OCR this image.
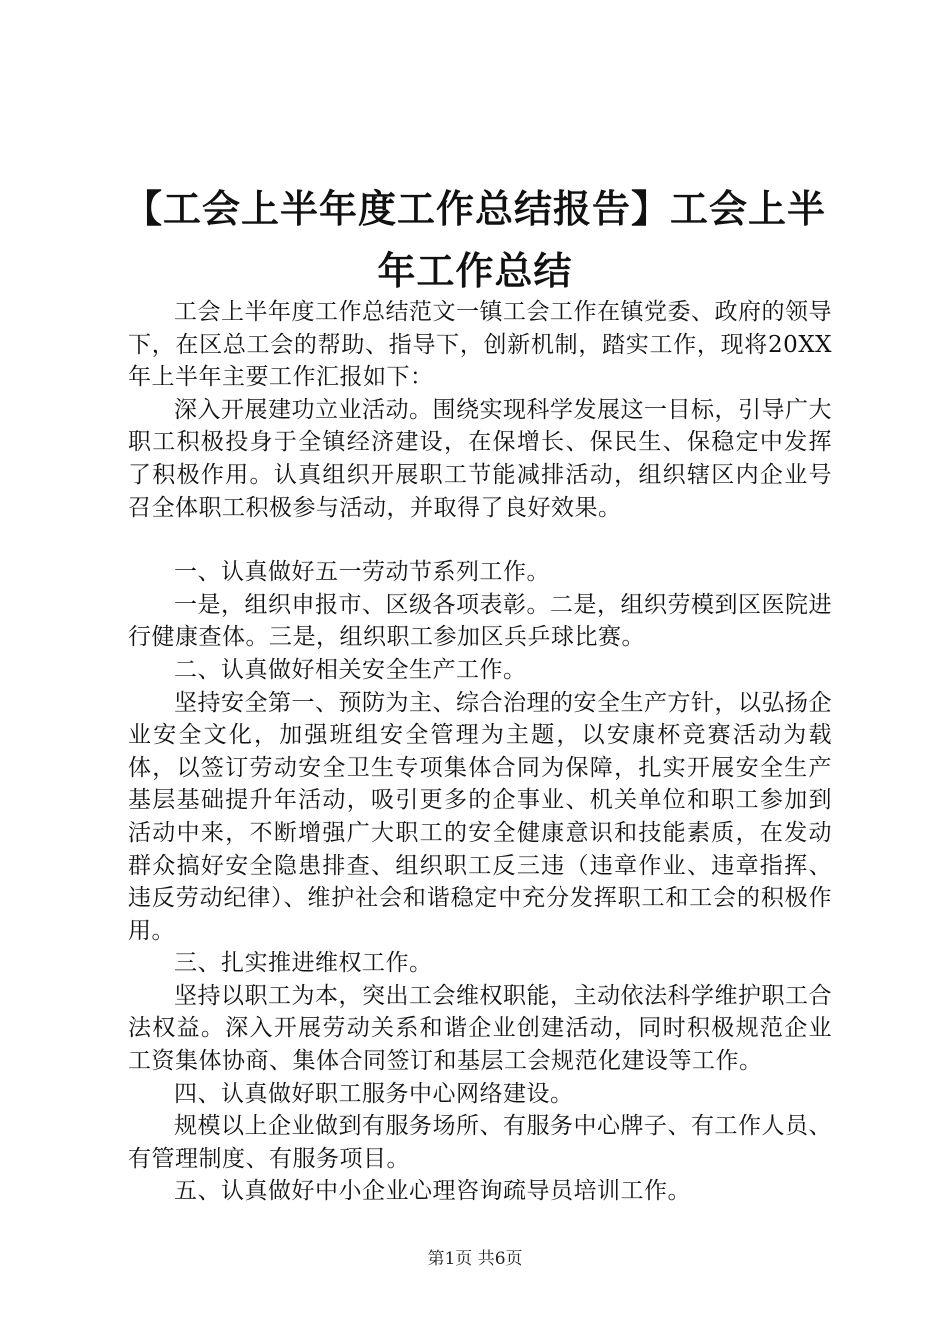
【工会上半年度工作总结报告】工会上半年工作总结

工会上半年度工作总结范文一镇工会工作在镇党委、政府的领导下，在区总工会的帮助、指导下，创新机制，踏实工作，现将20XX年上半年主要工作汇报如下：

深入开展建功立业活动。围绕实现科学发展这一目标，引导广大职工积极投身于全镇经济建设，在保增长、保民生、保稳定中发挥了积极作用。认真组织开展职工节能减排活动，组织辖区内企业号召全体职工积极参与活动，并取得了良好效果。

一、认真做好五一劳动节系列工作。

一是，组织申报市、区级各项表彰。二是，组织劳模到区医院进行健康查体。三是，组织职工参加区兵乒球比赛。

二、认真做好相关安全生产工作。

坚持安全第一、预防为主、综合治理的安全生产方针，以弘扬企业安全文化，加强班组安全管理为主题，以安康杯竞赛活动为载体，以签订劳动安全卫生专项集体合同为保障，扎实开展安全生产基层基础提升年活动，吸引更多的企事业、机关单位和职工参加到活动中来，不断增强广大职工的安全健康意识和技能素质，在发动群众搞好安全隐患排查、组织职工反三违（违章作业、违章指挥、违反劳动纪律）、维护社会和谐稳定中充分发挥职工和工会的积极作用。

三、扎实推进维权工作。

坚持以职工为本，突出工会维权职能，主动依法科学维护职工合法权益。深入开展劳动关系和谐企业创建活动，同时积极规范企业工资集体协商、集体合同签订和基层工会规范化建设等工作。

四、认真做好职工服务中心网络建设。

规模以上企业做到有服务场所、有服务中心牌子、有工作人员、有管理制度、有服务项目。

五、认真做好中小企业心理咨询疏导员培训工作。

第1页 共6页
